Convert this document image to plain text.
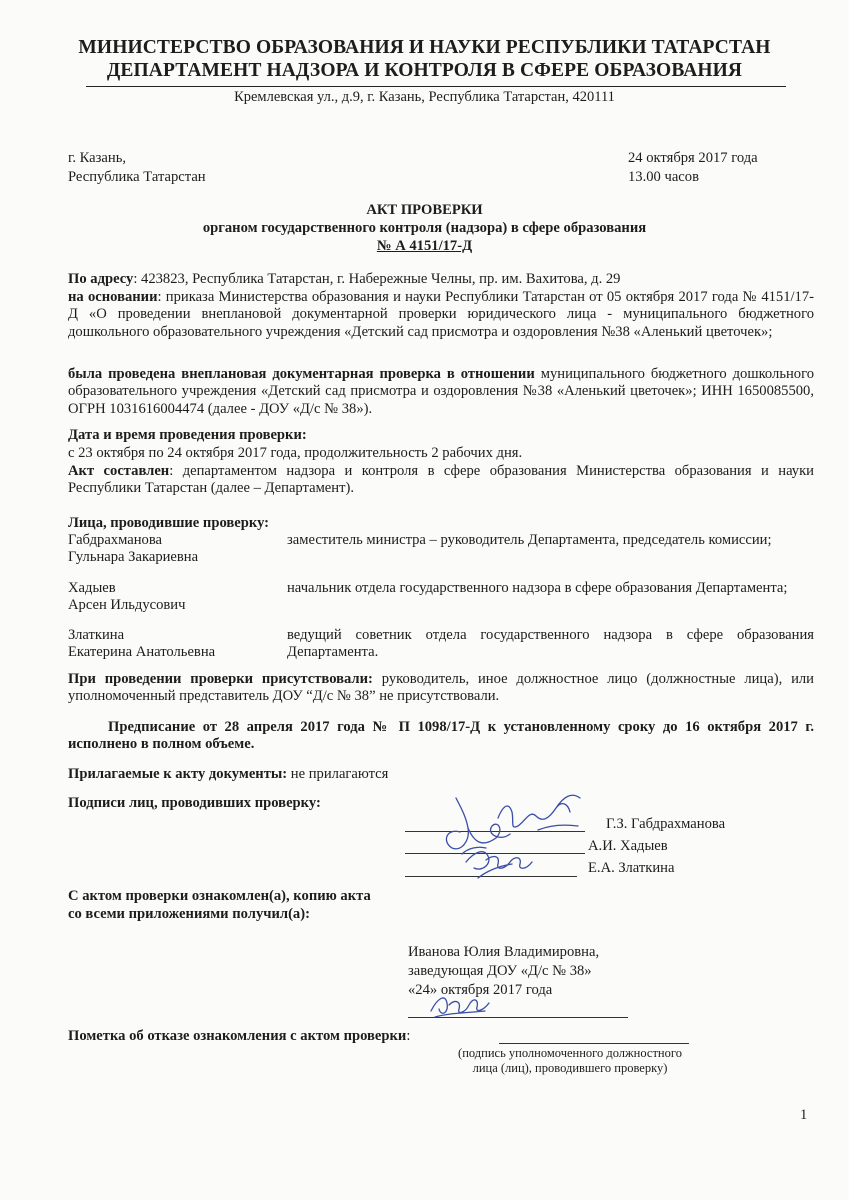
МИНИСТЕРСТВО ОБРАЗОВАНИЯ И НАУКИ РЕСПУБЛИКИ ТАТАРСТАН
ДЕПАРТАМЕНТ НАДЗОРА И КОНТРОЛЯ В СФЕРЕ ОБРАЗОВАНИЯ
Кремлевская ул., д.9, г. Казань, Республика Татарстан, 420111
г. Казань,
Республика Татарстан
24 октября 2017 года
13.00 часов
АКТ ПРОВЕРКИ
органом государственного контроля (надзора) в сфере образования
№ А 4151/17-Д
По адресу: 423823, Республика Татарстан, г. Набережные Челны, пр. им. Вахитова, д. 29
на основании: приказа Министерства образования и науки Республики Татарстан от 05 октября 2017 года № 4151/17-Д «О проведении внеплановой документарной проверки юридического лица - муниципального бюджетного дошкольного образовательного учреждения «Детский сад присмотра и оздоровления №38 «Аленький цветочек»;
была проведена внеплановая документарная проверка в отношении муниципального бюджетного дошкольного образовательного учреждения «Детский сад присмотра и оздоровления №38 «Аленький цветочек»; ИНН 1650085500, ОГРН 1031616004474 (далее - ДОУ «Д/с № 38»).
Дата и время проведения проверки:
с 23 октября по 24 октября 2017 года, продолжительность 2 рабочих дня.
Акт составлен: департаментом надзора и контроля в сфере образования Министерства образования и науки Республики Татарстан (далее – Департамент).
Лица, проводившие проверку:
Габдрахманова
Гульнара Закариевна
заместитель министра – руководитель Департамента, председатель комиссии;
Хадыев
Арсен Ильдусович
начальник отдела государственного надзора в сфере образования Департамента;
Златкина
Екатерина Анатольевна
ведущий советник отдела государственного надзора в сфере образования Департамента.
При проведении проверки присутствовали: руководитель, иное должностное лицо (должностные лица), или уполномоченный представитель ДОУ “Д/с № 38” не присутствовали.
Предписание от 28 апреля 2017 года № П 1098/17-Д к установленному сроку до 16 октября 2017 г. исполнено в полном объеме.
Прилагаемые к акту документы: не прилагаются
Подписи лиц, проводивших проверку:
Г.З. Габдрахманова
А.И. Хадыев
Е.А. Златкина
С актом проверки ознакомлен(а), копию акта
со всеми приложениями получил(а):
Иванова Юлия Владимировна,
заведующая ДОУ «Д/с № 38»
«24» октября 2017 года
Пометка об отказе ознакомления с актом проверки:
(подпись уполномоченного должностного
лица (лиц), проводившего проверку)
1
